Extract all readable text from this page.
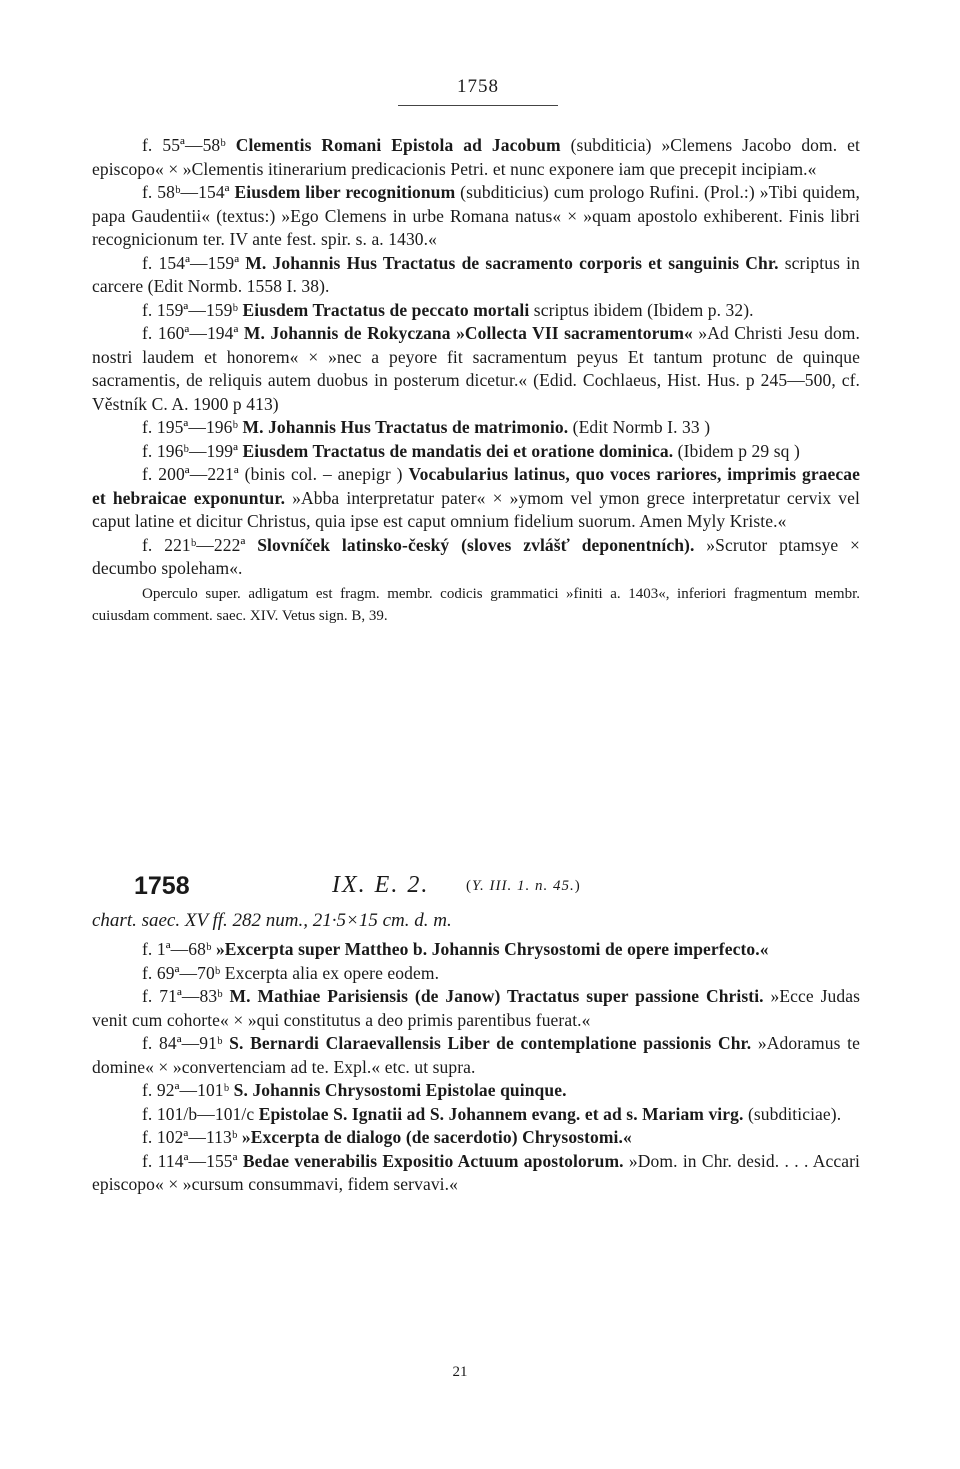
1758

f. 55ª—58ᵇ Clementis Romani Epistola ad Jacobum (subditicia) »Clemens Jacobo dom. et episcopo« × »Clementis itinerarium predicacionis Petri. et nunc exponere iam que precepit incipiam.«

f. 58ᵇ—154ª Eiusdem liber recognitionum (subditicius) cum prologo Rufini. (Prol.:) »Tibi quidem, papa Gaudentii« (textus:) »Ego Clemens in urbe Romana natus« × »quam apostolo exhiberent. Finis libri recognicionum ter. IV ante fest. spir. s. a. 1430.«

f. 154ª—159ª M. Johannis Hus Tractatus de sacramento corporis et sanguinis Chr. scriptus in carcere (Edit Normb. 1558 I. 38).

f. 159ª—159ᵇ Eiusdem Tractatus de peccato mortali scriptus ibidem (Ibidem p. 32).

f. 160ª—194ª M. Johannis de Rokyczana »Collecta VII sacramentorum« »Ad Christi Jesu dom. nostri laudem et honorem« × »nec a peyore fit sacramentum peyus Et tantum protunc de quinque sacramentis, de reliquis autem duobus in posterum dicetur.« (Edid. Cochlaeus, Hist. Hus. p 245—500, cf. Věstník C. A. 1900 p 413)

f. 195ª—196ᵇ M. Johannis Hus Tractatus de matrimonio. (Edit Normb I. 33 )

f. 196ᵇ—199ª Eiusdem Tractatus de mandatis dei et oratione dominica. (Ibidem p 29 sq )

f. 200ª—221ª (binis col. – anepigr ) Vocabularius latinus, quo voces rariores, imprimis graecae et hebraicae exponuntur. »Abba interpretatur pater« × »ymom vel ymon grece interpretatur cervix vel caput latine et dicitur Christus, quia ipse est caput omnium fidelium suorum. Amen Myly Kriste.«

f. 221ᵇ—222ª Slovníček latinsko-český (sloves zvlášť deponentních). »Scrutor ptamsye × decumbo spoleham«.

Operculo super. adligatum est fragm. membr. codicis grammatici »finiti a. 1403«, inferiori fragmentum membr. cuiusdam comment. saec. XIV. Vetus sign. B, 39.

1758	IX. E. 2. (Y. III. 1. n. 45.)
chart. saec. XV ff. 282 num., 21·5×15 cm. d. m.

f. 1ª—68ᵇ »Excerpta super Mattheo b. Johannis Chrysostomi de opere imperfecto.«

f. 69ª—70ᵇ Excerpta alia ex opere eodem.

f. 71ª—83ᵇ M. Mathiae Parisiensis (de Janow) Tractatus super passione Christi. »Ecce Judas venit cum cohorte« × »qui constitutus a deo primis parentibus fuerat.«

f. 84ª—91ᵇ S. Bernardi Claraevallensis Liber de contemplatione passionis Chr. »Adoramus te domine« × »convertenciam ad te. Expl.« etc. ut supra.

f. 92ª—101ᵇ S. Johannis Chrysostomi Epistolae quinque.

f. 101/b—101/c Epistolae S. Ignatii ad S. Johannem evang. et ad s. Mariam virg. (subditiciae).

f. 102ª—113ᵇ »Excerpta de dialogo (de sacerdotio) Chrysostomi.«

f. 114ª—155ª Bedae venerabilis Expositio Actuum apostolorum. »Dom. in Chr. desid. . . . Accari episcopo« × »cursum consummavi, fidem servavi.«

21
